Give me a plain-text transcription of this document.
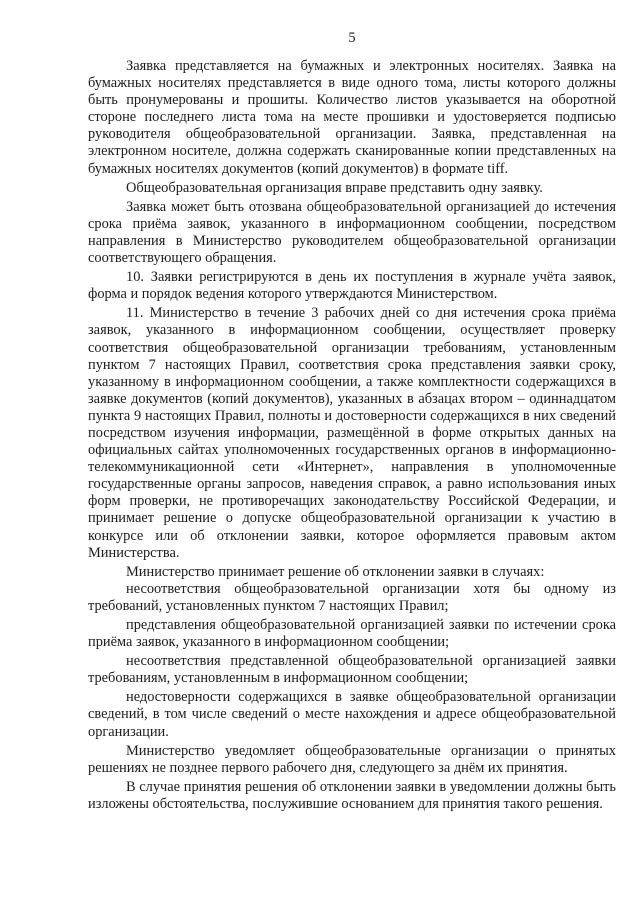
5

Заявка представляется на бумажных и электронных носителях. Заявка на бумажных носителях представляется в виде одного тома, листы которого должны быть пронумерованы и прошиты. Количество листов указывается на оборотной стороне последнего листа тома на месте прошивки и удостоверяется подписью руководителя общеобразовательной организации. Заявка, представленная на электронном носителе, должна содержать сканированные копии представленных на бумажных носителях документов (копий документов) в формате tiff.

Общеобразовательная организация вправе представить одну заявку.

Заявка может быть отозвана общеобразовательной организацией до истечения срока приёма заявок, указанного в информационном сообщении, посредством направления в Министерство руководителем общеобразовательной организации соответствующего обращения.

10. Заявки регистрируются в день их поступления в журнале учёта заявок, форма и порядок ведения которого утверждаются Министерством.

11. Министерство в течение 3 рабочих дней со дня истечения срока приёма заявок, указанного в информационном сообщении, осуществляет проверку соответствия общеобразовательной организации требованиям, установленным пунктом 7 настоящих Правил, соответствия срока представления заявки сроку, указанному в информационном сообщении, а также комплектности содержащихся в заявке документов (копий документов), указанных в абзацах втором – одиннадцатом пункта 9 настоящих Правил, полноты и достоверности содержащихся в них сведений посредством изучения информации, размещённой в форме открытых данных на официальных сайтах уполномоченных государственных органов в информационно-телекоммуникационной сети «Интернет», направления в уполномоченные государственные органы запросов, наведения справок, а равно использования иных форм проверки, не противоречащих законодательству Российской Федерации, и принимает решение о допуске общеобразовательной организации к участию в конкурсе или об отклонении заявки, которое оформляется правовым актом Министерства.

Министерство принимает решение об отклонении заявки в случаях:

несоответствия общеобразовательной организации хотя бы одному из требований, установленных пунктом 7 настоящих Правил;

представления общеобразовательной организацией заявки по истечении срока приёма заявок, указанного в информационном сообщении;

несоответствия представленной общеобразовательной организацией заявки требованиям, установленным в информационном сообщении;

недостоверности содержащихся в заявке общеобразовательной организации сведений, в том числе сведений о месте нахождения и адресе общеобразовательной организации.

Министерство уведомляет общеобразовательные организации о принятых решениях не позднее первого рабочего дня, следующего за днём их принятия.

В случае принятия решения об отклонении заявки в уведомлении должны быть изложены обстоятельства, послужившие основанием для принятия такого решения.
